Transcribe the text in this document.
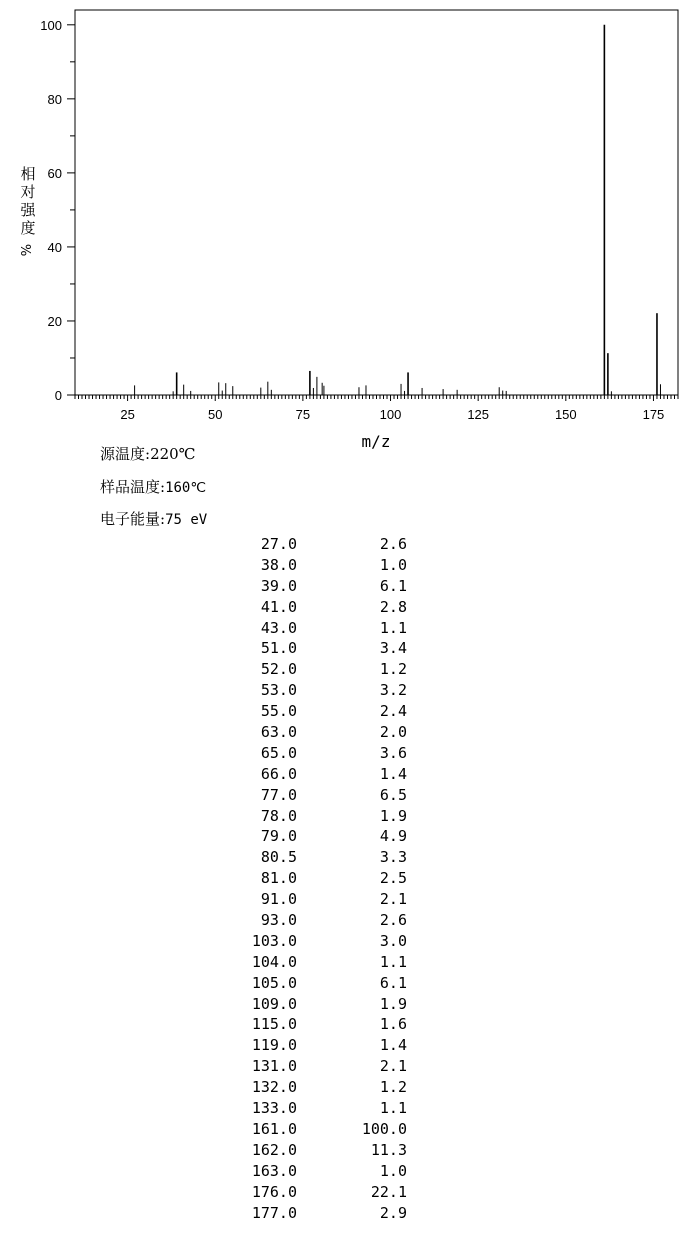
25	50	75	100	125	150	175
0
20
40
60
80
100
m/z
相对强度
%
源温度:220℃
样品温度:160℃
电子能量:75 eV
27.0	2.6
38.0	1.0
39.0	6.1
41.0	2.8
43.0	1.1
51.0	3.4
52.0	1.2
53.0	3.2
55.0	2.4
63.0	2.0
65.0	3.6
66.0	1.4
77.0	6.5
78.0	1.9
79.0	4.9
80.5	3.3
81.0	2.5
91.0	2.1
93.0	2.6
103.0	3.0
104.0	1.1
105.0	6.1
109.0	1.9
115.0	1.6
119.0	1.4
131.0	2.1
132.0	1.2
133.0	1.1
161.0	100.0
162.0	11.3
163.0	1.0
176.0	22.1
177.0	2.9
